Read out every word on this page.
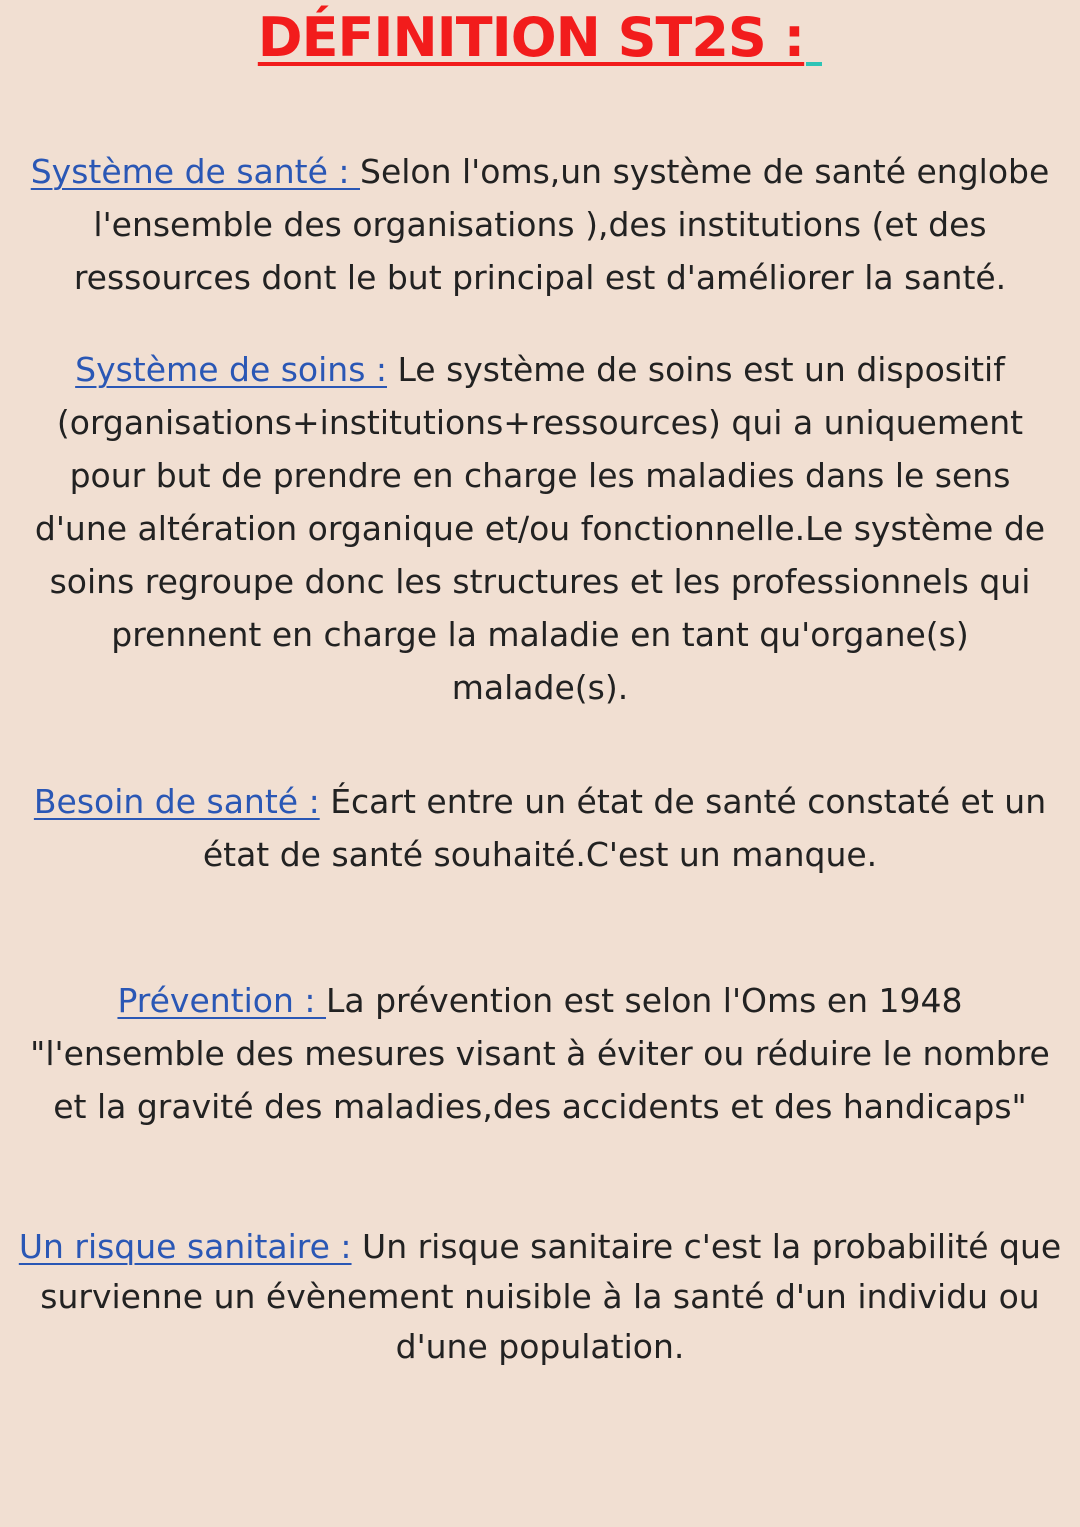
DÉFINITION ST2S :
Système de santé : Selon l'oms,un système de santé englobe
l'ensemble des organisations ),des institutions (et des
ressources dont le but principal est d'améliorer la santé.
Système de soins : Le système de soins est un dispositif
(organisations+institutions+ressources) qui a uniquement
pour but de prendre en charge les maladies dans le sens
d'une altération organique et/ou fonctionnelle.Le système de
soins regroupe donc les structures et les professionnels qui
prennent en charge la maladie en tant qu'organe(s)
malade(s).
Besoin de santé : Écart entre un état de santé constaté et un
état de santé souhaité.C'est un manque.
Prévention : La prévention est selon l'Oms en 1948
"l'ensemble des mesures visant à éviter ou réduire le nombre
et la gravité des maladies,des accidents et des handicaps"
Un risque sanitaire : Un risque sanitaire c'est la probabilité que
survienne un évènement nuisible à la santé d'un individu ou
d'une population.
